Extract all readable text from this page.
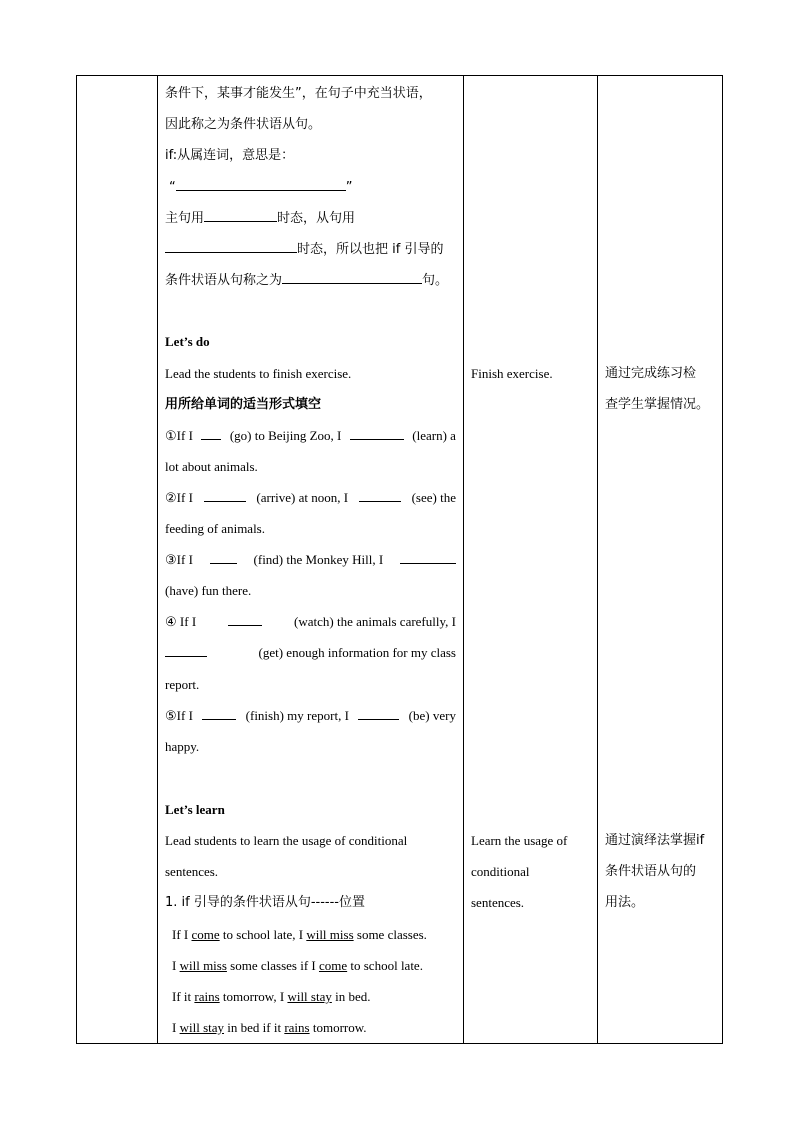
条件下，某事才能发生”，在句子中充当状语，
因此称之为条件状语从句。
if:从属连词，意思是：
“	”
主句用	时态，从句用
时态，所以也把 if 引导的
条件状语从句称之为	句。
Let’s do
Lead the students to finish exercise.
用所给单词的适当形式填空
①If I	(go) to Beijing Zoo, I	(learn) a
lot about animals.
②If I	(arrive) at noon, I	(see) the
feeding of animals.
③If I	(find) the Monkey Hill, I
(have) fun there.
④ If I	(watch) the animals carefully, I
(get) enough information for my class
report.
⑤If I	(finish) my report, I	(be) very
happy.
Let’s learn
Lead students to learn the usage of conditional
sentences.
1. if 引导的条件状语从句------位置
If I come to school late, I will miss some classes.
I will miss some classes if I come to school late.
If it rains tomorrow, I will stay in bed.
I will stay in bed if it rains tomorrow.

Finish exercise.
Learn the usage of
conditional
sentences.

通过完成练习检
查学生掌握情况。
通过演绎法掌握if
条件状语从句的
用法。
